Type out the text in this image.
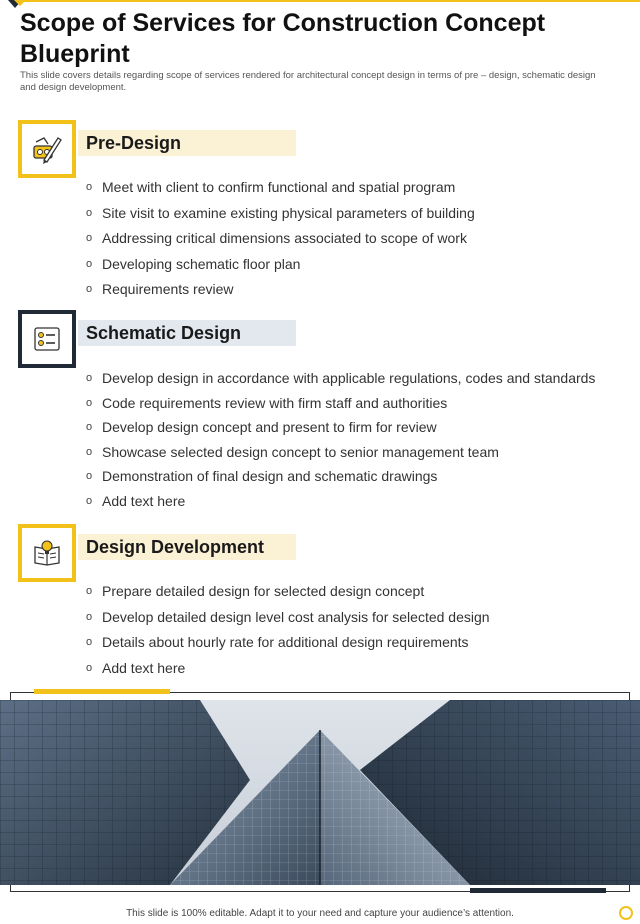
Scope of Services for Construction Concept Blueprint

This slide covers details regarding scope of services rendered for architectural concept design in terms of pre – design, schematic design and design development.

Pre-Design
o Meet with client to confirm functional and spatial program
o Site visit to examine existing physical parameters of building
o Addressing critical dimensions associated to scope of work
o Developing schematic floor plan
o Requirements review
Schematic Design
o Develop design in accordance with applicable regulations, codes and standards
o Code requirements review with firm staff and authorities
o Develop design concept and present to firm for review
o Showcase selected design concept to senior management team
o Demonstration of final design and schematic drawings
o Add text here
Design Development
o Prepare detailed design for selected design concept
o Develop detailed design level cost analysis for selected design
o Details about hourly rate for additional design requirements
o Add text here

This slide is 100% editable. Adapt it to your need and capture your audience’s attention.
